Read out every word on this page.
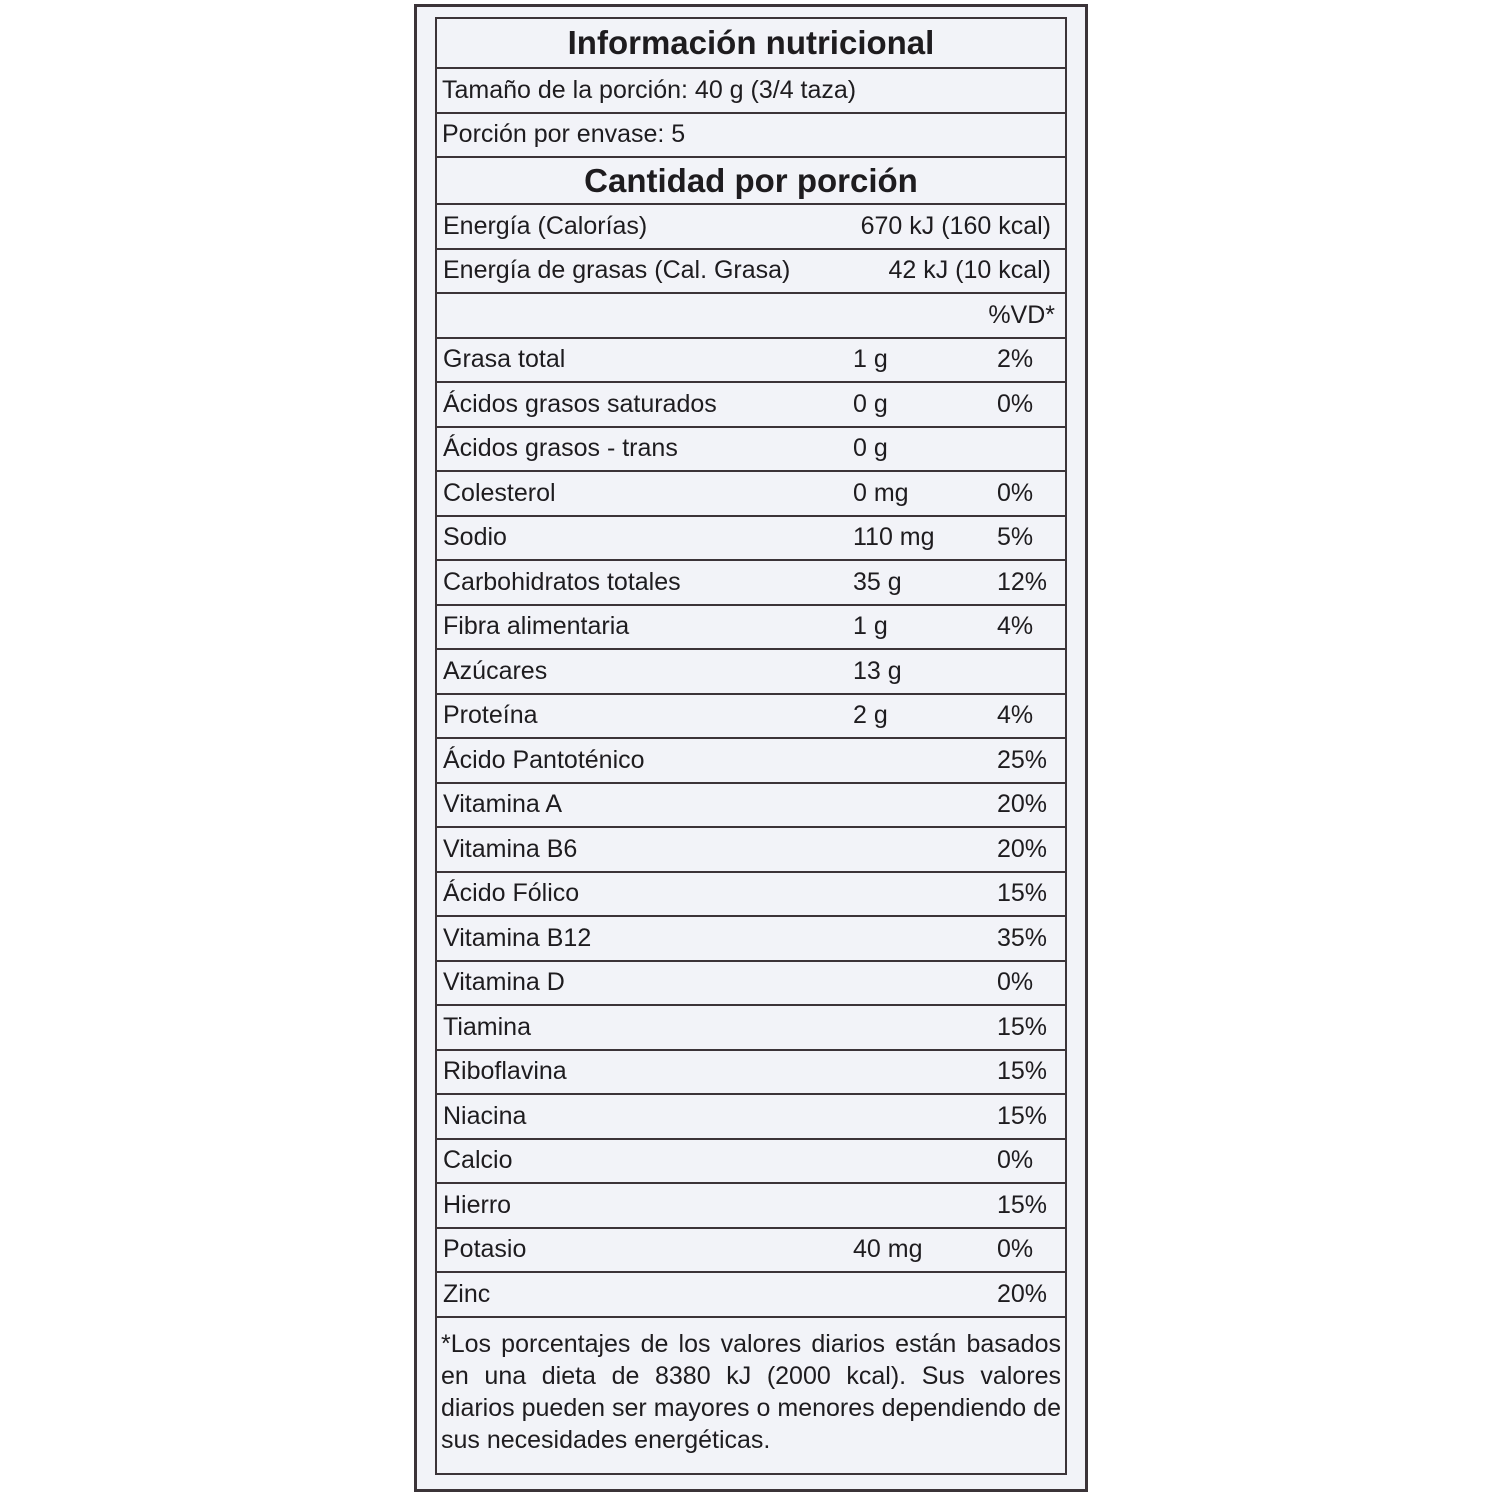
Información nutricional
Tamaño de la porción: 40 g (3/4 taza)
Porción por envase: 5
Cantidad por porción
Energía (Calorías)	670 kJ (160 kcal)
Energía de grasas (Cal. Grasa)	42 kJ (10 kcal)
%VD*
Grasa total	1 g	2%
Ácidos grasos saturados	0 g	0%
Ácidos grasos - trans	0 g
Colesterol	0 mg	0%
Sodio	110 mg	5%
Carbohidratos totales	35 g	12%
Fibra alimentaria	1 g	4%
Azúcares	13 g
Proteína	2 g	4%
Ácido Pantoténico	25%
Vitamina A	20%
Vitamina B6	20%
Ácido Fólico	15%
Vitamina B12	35%
Vitamina D	0%
Tiamina	15%
Riboflavina	15%
Niacina	15%
Calcio	0%
Hierro	15%
Potasio	40 mg	0%
Zinc	20%
*Los porcentajes de los valores diarios están basados en una dieta de 8380 kJ (2000 kcal). Sus valores diarios pueden ser mayores o menores dependiendo de sus necesidades energéticas.
